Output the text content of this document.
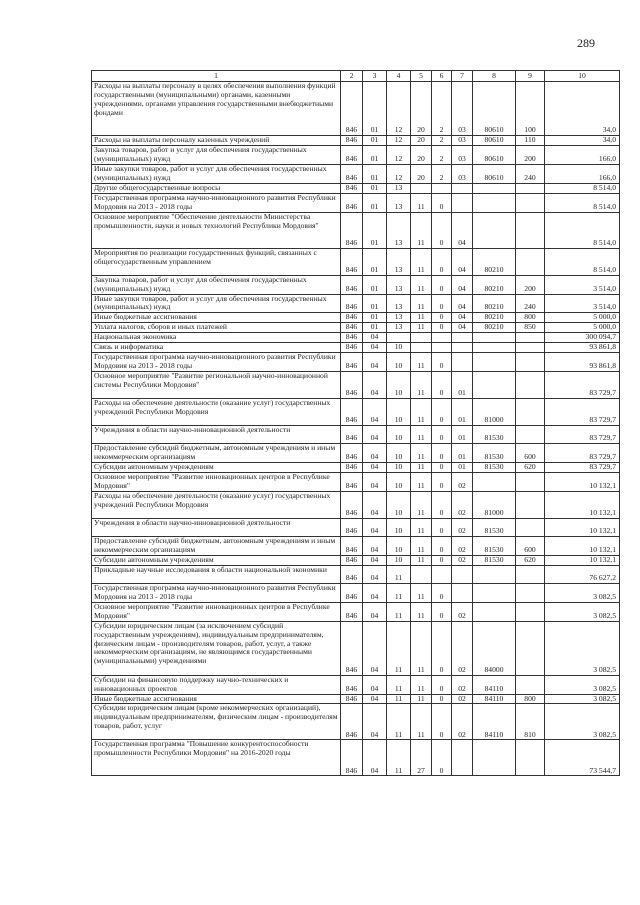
289
1	2	3	4	5	6	7	8	9	10
Расходы на выплаты персоналу в целях обеспечения выполнения функций государственными (муниципальными) органами, казенными учреждениями, органами управления государственными внебюджетными фондами	846	01	12	20	2	03	80610	100	34,0
Расходы на выплаты персоналу казенных учреждений	846	01	12	20	2	03	80610	110	34,0
Закупка товаров, работ и услуг для обеспечения государственных (муниципальных) нужд	846	01	12	20	2	03	80610	200	166,0
Иные закупки товаров, работ и услуг для обеспечения государственных (муниципальных) нужд	846	01	12	20	2	03	80610	240	166,0
Другие общегосударственные вопросы	846	01	13						8 514,0
Государственная программа научно-инновационного развития Республики Мордовия на 2013 - 2018 годы	846	01	13	11	0				8 514,0
Основное мероприятие "Обеспечение деятельности Министерства промышленности, науки и новых технологий Республики Мордовия"	846	01	13	11	0	04			8 514,0
Мероприятия по реализации государственных функций, связанных с общегосударственным управлением	846	01	13	11	0	04	80210		8 514,0
Закупка товаров, работ и услуг для обеспечения государственных (муниципальных) нужд	846	01	13	11	0	04	80210	200	3 514,0
Иные закупки товаров, работ и услуг для обеспечения государственных (муниципальных) нужд	846	01	13	11	0	04	80210	240	3 514,0
Иные бюджетные ассигнования	846	01	13	11	0	04	80210	800	5 000,0
Уплата налогов, сборов и иных платежей	846	01	13	11	0	04	80210	850	5 000,0
Национальная экономика	846	04							300 094,7
Связь и информатика	846	04	10						93 861,8
Государственная программа научно-инновационного развития Республики Мордовия на 2013 - 2018 годы	846	04	10	11	0				93 861,8
Основное мероприятие "Развитие региональной научно-инновационной системы Республики Мордовия"	846	04	10	11	0	01			83 729,7
Расходы на обеспечение деятельности (оказание услуг) государственных учреждений Республики Мордовия	846	04	10	11	0	01	81000		83 729,7
Учреждения в области научно-инновационной деятельности	846	04	10	11	0	01	81530		83 729,7
Предоставление субсидий бюджетным, автономным учреждениям и иным некоммерческим организациям	846	04	10	11	0	01	81530	600	83 729,7
Субсидии автономным учреждениям	846	04	10	11	0	01	81530	620	83 729,7
Основное мероприятие "Развитие инновационных центров в Республике Мордовия"	846	04	10	11	0	02			10 132,1
Расходы на обеспечение деятельности (оказание услуг) государственных учреждений Республики Мордовия	846	04	10	11	0	02	81000		10 132,1
Учреждения в области научно-инновационной деятельности	846	04	10	11	0	02	81530		10 132,1
Предоставление субсидий бюджетным, автономным учреждениям и иным некоммерческим организациям	846	04	10	11	0	02	81530	600	10 132,1
Субсидии автономным учреждениям	846	04	10	11	0	02	81530	620	10 132,1
Прикладные научные исследования в области национальной экономики	846	04	11						76 627,2
Государственная программа научно-инновационного развития Республики Мордовия на 2013 - 2018 годы	846	04	11	11	0				3 082,5
Основное мероприятие "Развитие инновационных центров в Республике Мордовия"	846	04	11	11	0	02			3 082,5
Субсидии юридическим лицам (за исключением субсидий государственным учреждениям), индивидуальным предпринимателям, физическим лицам - производителям товаров, работ, услуг, а также некоммерческим организациям, не являющимся государственными (муниципальными) учреждениями	846	04	11	11	0	02	84000		3 082,5
Субсидии на финансовую поддержку научно-технических и инновационных проектов	846	04	11	11	0	02	84110		3 082,5
Иные бюджетные ассигнования	846	04	11	11	0	02	84110	800	3 082,5
Субсидии юридическим лицам (кроме некоммерческих организаций), индивидуальным предпринимателям, физическим лицам - производителям товаров, работ, услуг	846	04	11	11	0	02	84110	810	3 082,5
Государственная программа "Повышение конкурентоспособности промышленности Республики Мордовия" на 2016-2020 годы	846	04	11	27	0				73 544,7
